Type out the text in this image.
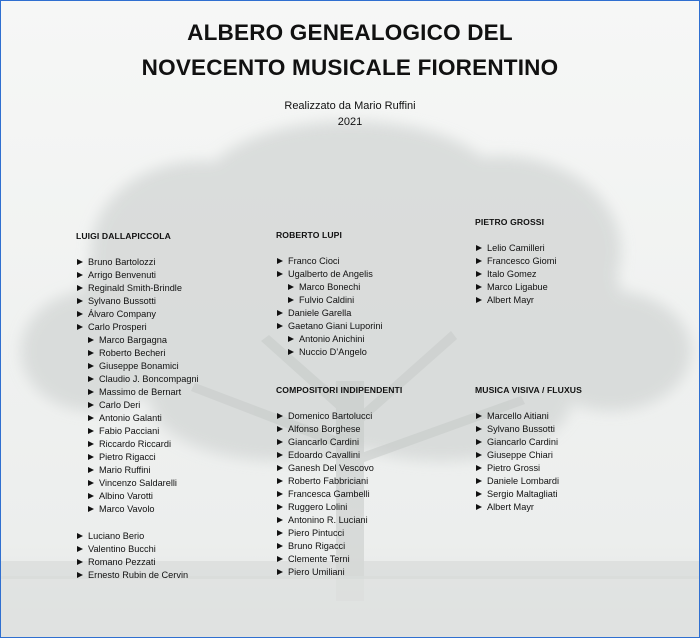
ALBERO GENEALOGICO DEL
NOVECENTO MUSICALE FIORENTINO
Realizzato da Mario Ruffini
2021
LUIGI DALLAPICCOLA
Bruno Bartolozzi
Arrigo Benvenuti
Reginald Smith-Brindle
Sylvano Bussotti
Álvaro Company
Carlo Prosperi
Marco Bargagna
Roberto Becheri
Giuseppe Bonamici
Claudio J. Boncompagni
Massimo de Bernart
Carlo Deri
Antonio Galanti
Fabio Pacciani
Riccardo Riccardi
Pietro Rigacci
Mario Ruffini
Vincenzo Saldarelli
Albino Varotti
Marco Vavolo
Luciano Berio
Valentino Bucchi
Romano Pezzati
Ernesto Rubin de Cervin
ROBERTO LUPI
Franco Cioci
Ugalberto de Angelis
Marco Bonechi
Fulvio Caldini
Daniele Garella
Gaetano Giani Luporini
Antonio Anichini
Nuccio D’Angelo
COMPOSITORI INDIPENDENTI
Domenico Bartolucci
Alfonso Borghese
Giancarlo Cardini
Edoardo Cavallini
Ganesh Del Vescovo
Roberto Fabbriciani
Francesca Gambelli
Ruggero Lolini
Antonino R. Luciani
Piero Pintucci
Bruno Rigacci
Clemente Terni
Piero Umiliani
PIETRO GROSSI
Lelio Camilleri
Francesco Giomi
Italo Gomez
Marco Ligabue
Albert Mayr
MUSICA VISIVA / FLUXUS
Marcello Aitiani
Sylvano Bussotti
Giancarlo Cardini
Giuseppe Chiari
Pietro Grossi
Daniele Lombardi
Sergio Maltagliati
Albert Mayr
